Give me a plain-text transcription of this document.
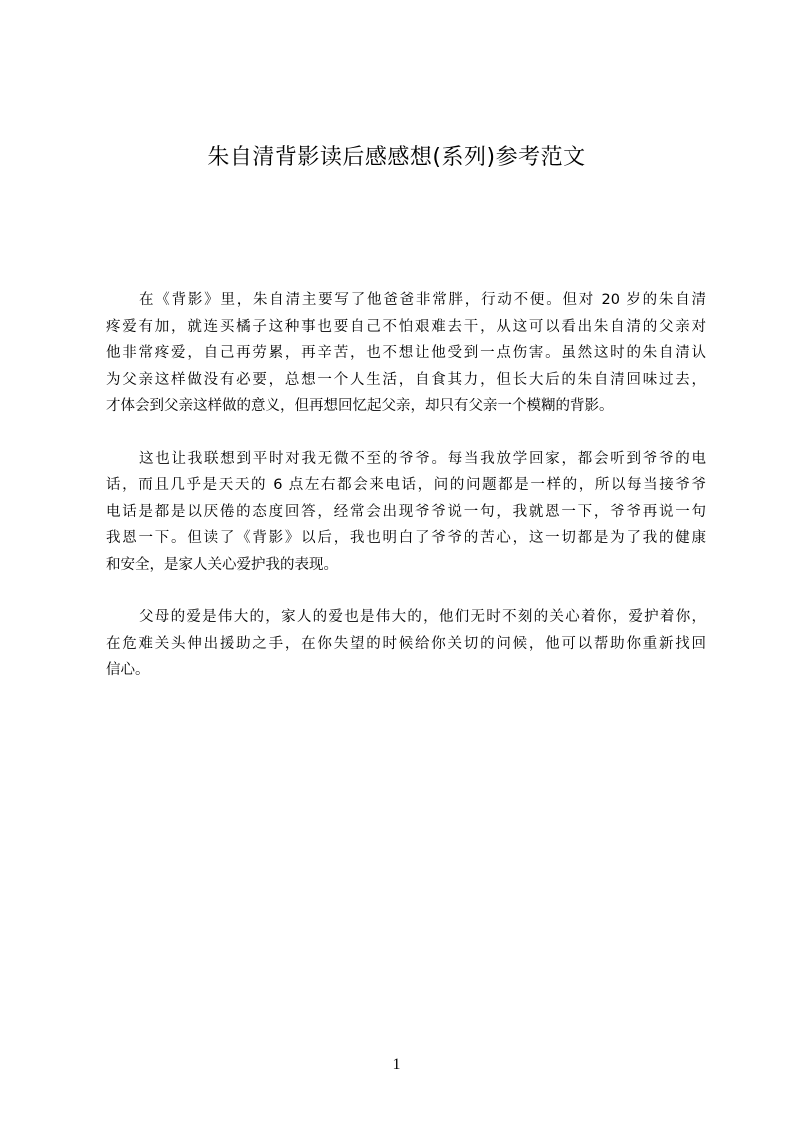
朱自清背影读后感感想(系列)参考范文
在《背影》里，朱自清主要写了他爸爸非常胖，行动不便。但对 20 岁的朱自清
疼爱有加，就连买橘子这种事也要自己不怕艰难去干，从这可以看出朱自清的父亲对
他非常疼爱，自己再劳累，再辛苦，也不想让他受到一点伤害。虽然这时的朱自清认
为父亲这样做没有必要，总想一个人生活，自食其力，但长大后的朱自清回味过去，
才体会到父亲这样做的意义，但再想回忆起父亲，却只有父亲一个模糊的背影。
这也让我联想到平时对我无微不至的爷爷。每当我放学回家，都会听到爷爷的电
话，而且几乎是天天的 6 点左右都会来电话，问的问题都是一样的，所以每当接爷爷
电话是都是以厌倦的态度回答，经常会出现爷爷说一句，我就恩一下，爷爷再说一句
我恩一下。但读了《背影》以后，我也明白了爷爷的苦心，这一切都是为了我的健康
和安全，是家人关心爱护我的表现。
父母的爱是伟大的，家人的爱也是伟大的，他们无时不刻的关心着你，爱护着你，
在危难关头伸出援助之手，在你失望的时候给你关切的问候，他可以帮助你重新找回
信心。
1
